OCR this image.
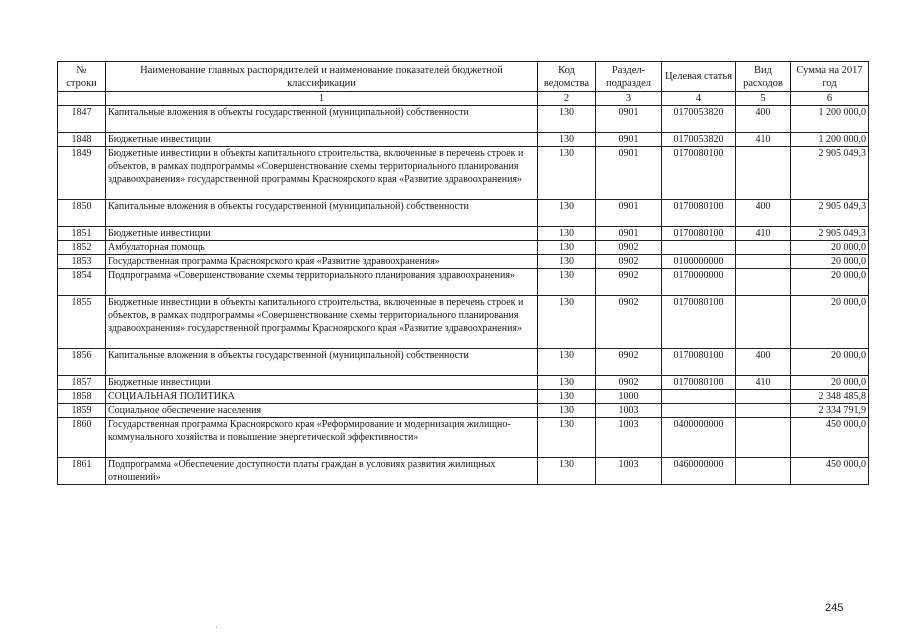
№ строки	Наименование главных распорядителей и наименование показателей бюджетной классификации	Код ведомства	Раздел-подраздел	Целевая статья	Вид расходов	Сумма на 2017 год
	1	2	3	4	5	6
1847	Капитальные вложения в объекты государственной (муниципальной) собственности	130	0901	0170053820	400	1 200 000,0
1848	Бюджетные инвестиции	130	0901	0170053820	410	1 200 000,0
1849	Бюджетные инвестиции в объекты капитального строительства, включенные в перечень строек и объектов, в рамках подпрограммы «Совершенствование схемы территориального планирования здравоохранения» государственной программы Красноярского края «Развитие здравоохранения»	130	0901	0170080100		2 905 049,3
1850	Капитальные вложения в объекты государственной (муниципальной) собственности	130	0901	0170080100	400	2 905 049,3
1851	Бюджетные инвестиции	130	0901	0170080100	410	2 905 049,3
1852	Амбулаторная помощь	130	0902			20 000,0
1853	Государственная программа Красноярского края «Развитие здравоохранения»	130	0902	0100000000		20 000,0
1854	Подпрограмма «Совершенствование схемы территориального планирования здравоохранения»	130	0902	0170000000		20 000,0
1855	Бюджетные инвестиции в объекты капитального строительства, включенные в перечень строек и объектов, в рамках подпрограммы «Совершенствование схемы территориального планирования здравоохранения» государственной программы Красноярского края «Развитие здравоохранения»	130	0902	0170080100		20 000,0
1856	Капитальные вложения в объекты государственной (муниципальной) собственности	130	0902	0170080100	400	20 000,0
1857	Бюджетные инвестиции	130	0902	0170080100	410	20 000,0
1858	СОЦИАЛЬНАЯ ПОЛИТИКА	130	1000			2 348 485,8
1859	Социальное обеспечение населения	130	1003			2 334 791,9
1860	Государственная программа Красноярского края «Реформирование и модернизация жилищно-коммунального хозяйства и повышение энергетической эффективности»	130	1003	0400000000		450 000,0
1861	Подпрограмма «Обеспечение доступности платы граждан в условиях развития жилищных отношений»	130	1003	0460000000		450 000,0
245
